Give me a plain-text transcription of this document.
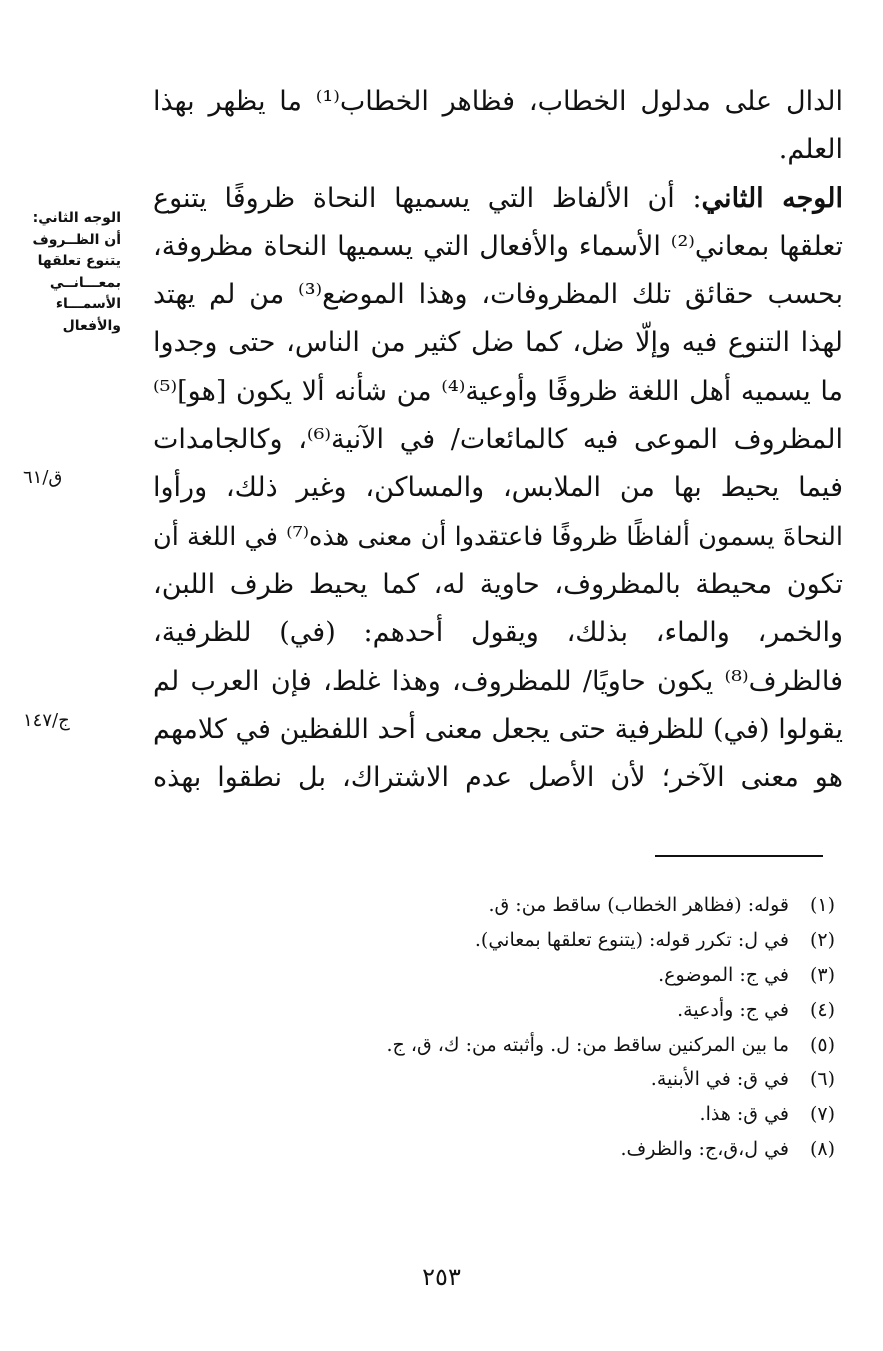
الدال على مدلول الخطاب، فظاهر الخطاب⁽¹⁾ ما يظهر بهذا
العلم.
الوجه الثاني: أن الألفاظ التي يسميها النحاة ظروفًا يتنوع
تعلقها بمعاني⁽²⁾ الأسماء والأفعال التي يسميها النحاة مظروفة،
بحسب حقائق تلك المظروفات، وهذا الموضع⁽³⁾ من لم يهتد
لهذا التنوع فيه وإلّا ضل، كما ضل كثير من الناس، حتى وجدوا
ما يسميه أهل اللغة ظروفًا وأوعية⁽⁴⁾ من شأنه ألا يكون [هو]⁽⁵⁾
المظروف الموعى فيه كالمائعات/ في الآنية⁽⁶⁾، وكالجامدات
فيما يحيط بها من الملابس، والمساكن، وغير ذلك، ورأوا
النحاةَ يسمون ألفاظًا ظروفًا فاعتقدوا أن معنى هذه⁽⁷⁾ في اللغة أن
تكون محيطة بالمظروف، حاوية له، كما يحيط ظرف اللبن،
والخمر، والماء، بذلك، ويقول أحدهم: (في) للظرفية،
فالظرف⁽⁸⁾ يكون حاويًا/ للمظروف، وهذا غلط، فإن العرب لم
يقولوا (في) للظرفية حتى يجعل معنى أحد اللفظين في كلامهم
هو معنى الآخر؛ لأن الأصل عدم الاشتراك، بل نطقوا بهذه
الوجه الثاني:
أن الظــروف
يتنوع تعلقها
بمعـــانــي
الأسمـــاء
والأفعال
ق/٦١
ج/١٤٧
(١)قوله: (فظاهر الخطاب) ساقط من: ق.
(٢)في ل: تكرر قوله: (يتنوع تعلقها بمعاني).
(٣)في ج: الموضوع.
(٤)في ج: وأدعية.
(٥)ما بين المركنين ساقط من: ل. وأثبته من: ك، ق، ج.
(٦)في ق: في الأبنية.
(٧)في ق: هذا.
(٨)في ل،ق،ج: والظرف.
٢٥٣
